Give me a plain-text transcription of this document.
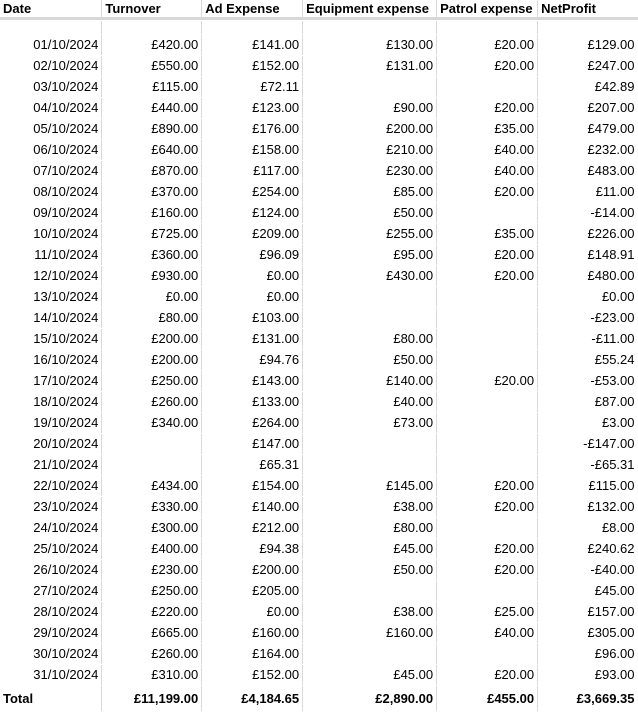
Date	Turnover	Ad Expense	Equipment expense	Patrol expense	NetProfit

01/10/2024	£420.00	£141.00	£130.00	£20.00	£129.00
02/10/2024	£550.00	£152.00	£131.00	£20.00	£247.00
03/10/2024	£115.00	£72.11			£42.89
04/10/2024	£440.00	£123.00	£90.00	£20.00	£207.00
05/10/2024	£890.00	£176.00	£200.00	£35.00	£479.00
06/10/2024	£640.00	£158.00	£210.00	£40.00	£232.00
07/10/2024	£870.00	£117.00	£230.00	£40.00	£483.00
08/10/2024	£370.00	£254.00	£85.00	£20.00	£11.00
09/10/2024	£160.00	£124.00	£50.00		-£14.00
10/10/2024	£725.00	£209.00	£255.00	£35.00	£226.00
11/10/2024	£360.00	£96.09	£95.00	£20.00	£148.91
12/10/2024	£930.00	£0.00	£430.00	£20.00	£480.00
13/10/2024	£0.00	£0.00			£0.00
14/10/2024	£80.00	£103.00			-£23.00
15/10/2024	£200.00	£131.00	£80.00		-£11.00
16/10/2024	£200.00	£94.76	£50.00		£55.24
17/10/2024	£250.00	£143.00	£140.00	£20.00	-£53.00
18/10/2024	£260.00	£133.00	£40.00		£87.00
19/10/2024	£340.00	£264.00	£73.00		£3.00
20/10/2024		£147.00			-£147.00
21/10/2024		£65.31			-£65.31
22/10/2024	£434.00	£154.00	£145.00	£20.00	£115.00
23/10/2024	£330.00	£140.00	£38.00	£20.00	£132.00
24/10/2024	£300.00	£212.00	£80.00		£8.00
25/10/2024	£400.00	£94.38	£45.00	£20.00	£240.62
26/10/2024	£230.00	£200.00	£50.00	£20.00	-£40.00
27/10/2024	£250.00	£205.00			£45.00
28/10/2024	£220.00	£0.00	£38.00	£25.00	£157.00
29/10/2024	£665.00	£160.00	£160.00	£40.00	£305.00
30/10/2024	£260.00	£164.00			£96.00
31/10/2024	£310.00	£152.00	£45.00	£20.00	£93.00
Total	£11,199.00	£4,184.65	£2,890.00	£455.00	£3,669.35
